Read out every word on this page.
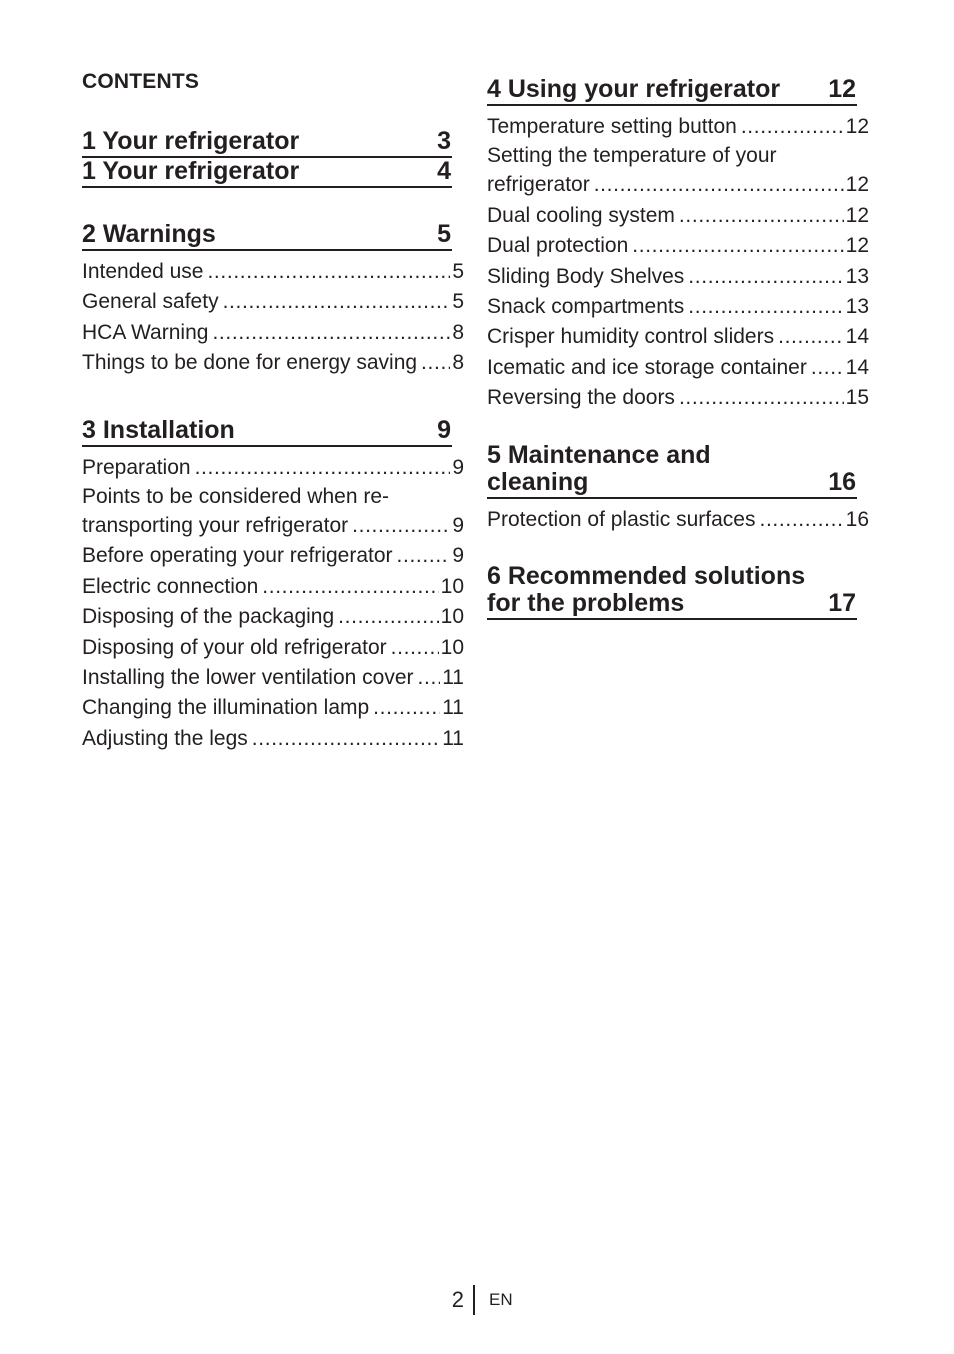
CONTENTS
1 Your refrigerator	3
1 Your refrigerator	4
2 Warnings	5
Intended use . . .	5
General safety . . .	5
HCA Warning . . .	8
Things to be done for energy saving . . . 8
3 Installation	9
Preparation . . .	9
Points to be considered when re-
transporting your refrigerator . . .	9
Before operating your refrigerator . . .	9
Electric connection . . .	10
Disposing of the packaging . . .	10
Disposing of your old refrigerator . . .	10
Installing the lower ventilation cover . . . 11
Changing the illumination lamp . . .	11
Adjusting the legs . . .	11
4 Using your refrigerator 12
Temperature setting button . . .	12
Setting the temperature of your
refrigerator . . .	12
Dual cooling system . . .	12
Dual protection . . .	12
Sliding Body Shelves . . .	13
Snack compartments . . .	13
Crisper humidity control sliders . . .	14
Icematic and ice storage container . . . 14
Reversing the doors . . .	15
5 Maintenance and
cleaning	16
Protection of plastic surfaces . . .	16
6 Recommended solutions
for the problems	17
2 EN
